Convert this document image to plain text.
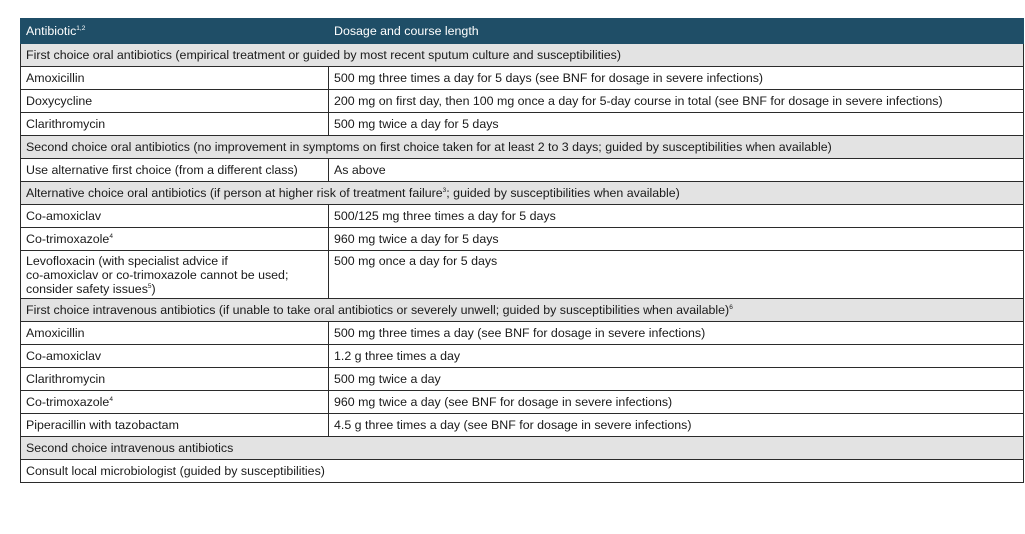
Antibiotic$^{1,2}$	Dosage and course length
First choice oral antibiotics (empirical treatment or guided by most recent sputum culture and susceptibilities)	
Amoxicillin	500 mg three times a day for 5 days (see BNF for dosage in severe infections)
Doxycycline	200 mg on first day, then 100 mg once a day for 5-day course in total (see BNF for dosage in severe infections)
Clarithromycin	500 mg twice a day for 5 days
Second choice oral antibiotics (no improvement in symptoms on first choice taken for at least 2 to 3 days; guided by susceptibilities when available)	
Use alternative first choice (from a different class)	As above
Alternative choice oral antibiotics (if person at higher risk of treatment failure$^3$; guided by susceptibilities when available)	
Co-amoxiclav	500/125 mg three times a day for 5 days
Co-trimoxazole$^4$	960 mg twice a day for 5 days
Levofloxacin (with specialist advice if
co-amoxiclav or co-trimoxazole cannot be used;
consider safety issues$^5$)	500 mg once a day for 5 days
First choice intravenous antibiotics (if unable to take oral antibiotics or severely unwell; guided by susceptibilities when available)$^6$
Amoxicillin	500 mg three times a day (see BNF for dosage in severe infections)
Co-amoxiclav	1.2 g three times a day
Clarithromycin	500 mg twice a day
Co-trimoxazole$^4$	960 mg twice a day (see BNF for dosage in severe infections)
Piperacillin with tazobactam	4.5 g three times a day (see BNF for dosage in severe infections)
Second choice intravenous antibiotics	
Consult local microbiologist (guided by susceptibilities)	
